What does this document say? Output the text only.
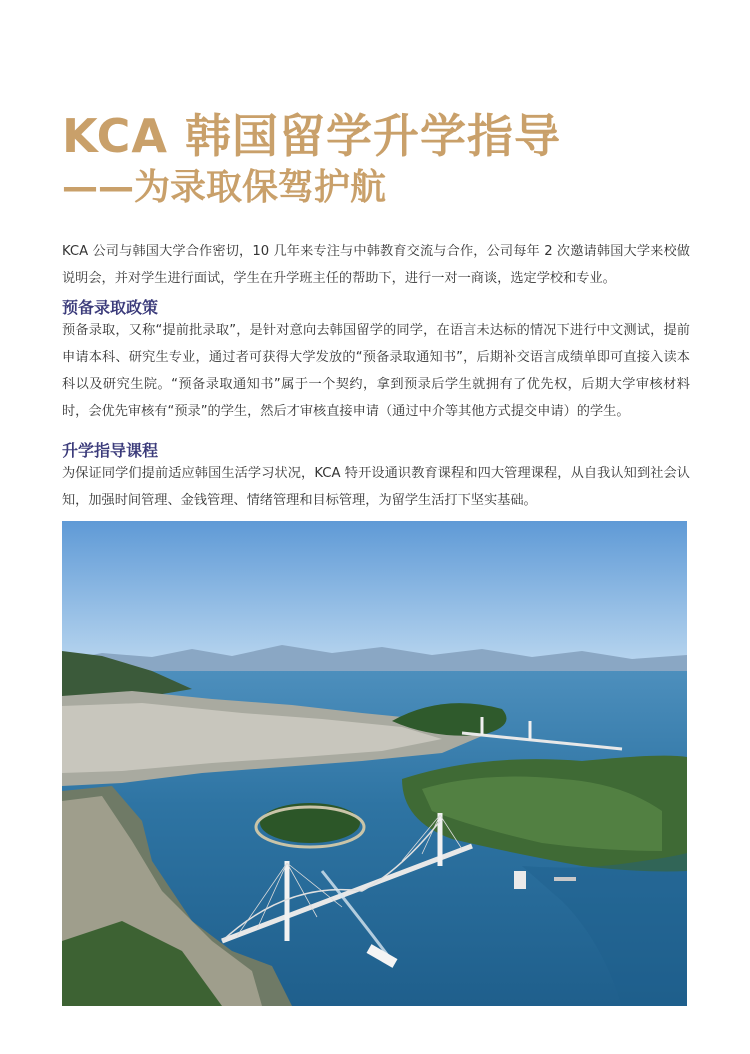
KCA 韩国留学升学指导
——为录取保驾护航
KCA 公司与韩国大学合作密切，10 几年来专注与中韩教育交流与合作，公司每年 2 次邀请韩国大学来校做说明会，并对学生进行面试，学生在升学班主任的帮助下，进行一对一商谈，选定学校和专业。
预备录取政策
预备录取，又称“提前批录取”，是针对意向去韩国留学的同学，在语言未达标的情况下进行中文测试，提前申请本科、研究生专业，通过者可获得大学发放的“预备录取通知书”，后期补交语言成绩单即可直接入读本科以及研究生院。“预备录取通知书”属于一个契约，拿到预录后学生就拥有了优先权，后期大学审核材料时，会优先审核有“预录”的学生，然后才审核直接申请（通过中介等其他方式提交申请）的学生。
升学指导课程
为保证同学们提前适应韩国生活学习状况，KCA 特开设通识教育课程和四大管理课程，从自我认知到社会认知，加强时间管理、金钱管理、情绪管理和目标管理，为留学生活打下坚实基础。
